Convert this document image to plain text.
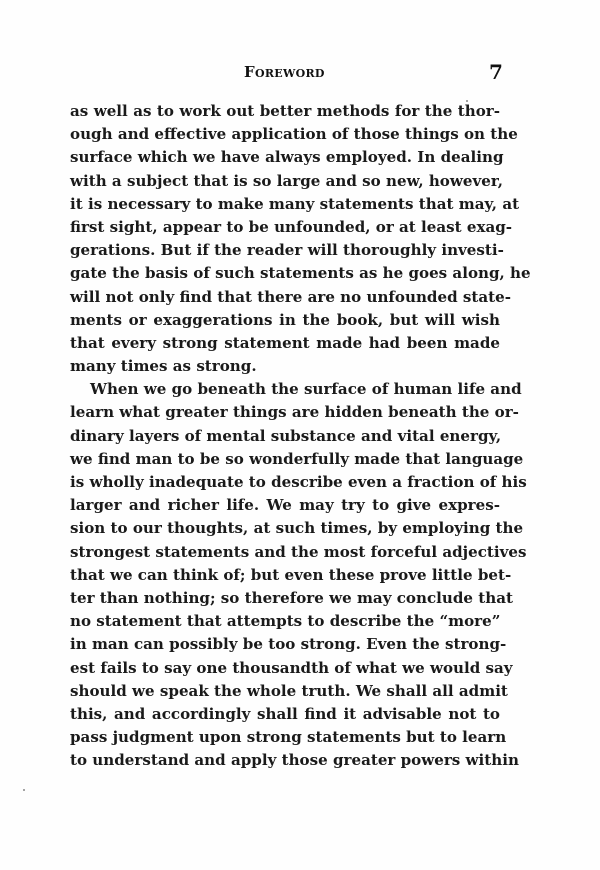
Foreword	7
as well as to work out better methods for the thor-
ough and effective application of those things on the
surface which we have always employed. In dealing
with a subject that is so large and so new, however,
it is necessary to make many statements that may, at
first sight, appear to be unfounded, or at least exag-
gerations. But if the reader will thoroughly investi-
gate the basis of such statements as he goes along, he
will not only find that there are no unfounded state-
ments or exaggerations in the book, but will wish
that every strong statement made had been made
many times as strong.
When we go beneath the surface of human life and
learn what greater things are hidden beneath the or-
dinary layers of mental substance and vital energy,
we find man to be so wonderfully made that language
is wholly inadequate to describe even a fraction of his
larger and richer life. We may try to give expres-
sion to our thoughts, at such times, by employing the
strongest statements and the most forceful adjectives
that we can think of; but even these prove little bet-
ter than nothing; so therefore we may conclude that
no statement that attempts to describe the “more”
in man can possibly be too strong. Even the strong-
est fails to say one thousandth of what we would say
should we speak the whole truth. We shall all admit
this, and accordingly shall find it advisable not to
pass judgment upon strong statements but to learn
to understand and apply those greater powers within
